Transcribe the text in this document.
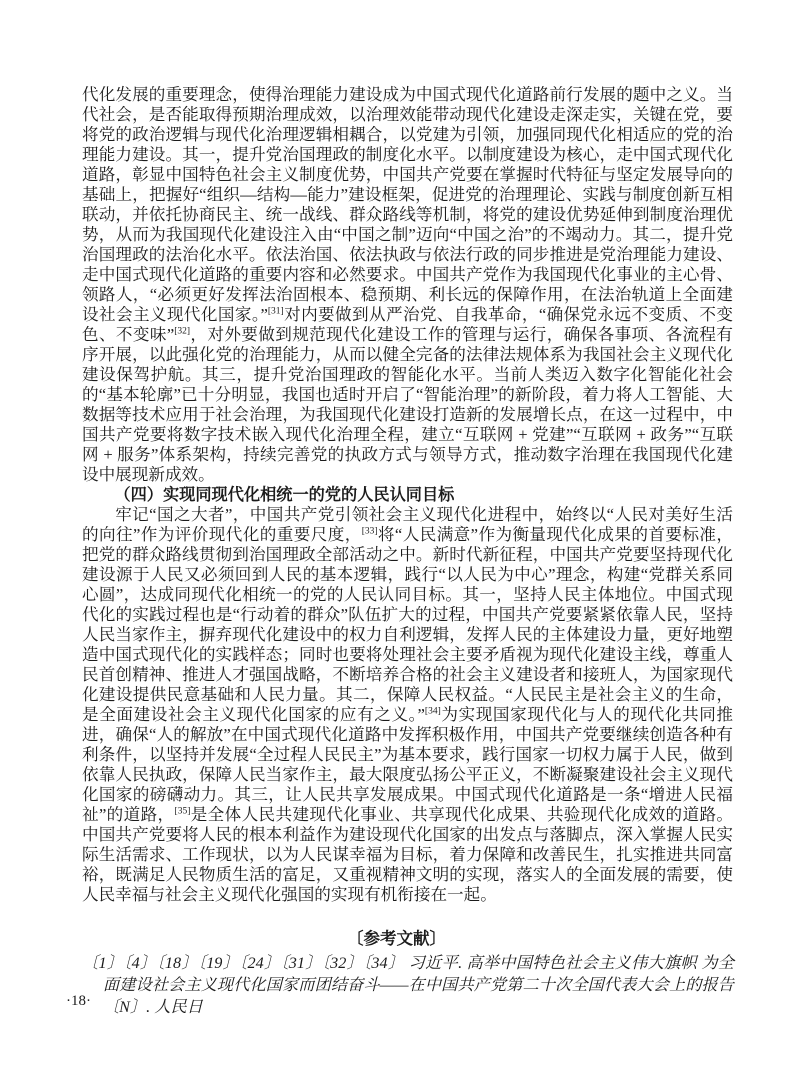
代化发展的重要理念，使得治理能力建设成为中国式现代化道路前行发展的题中之义。当代社会，是否能取得预期治理成效，以治理效能带动现代化建设走深走实，关键在党，要将党的政治逻辑与现代化治理逻辑相耦合，以党建为引领，加强同现代化相适应的党的治理能力建设。其一，提升党治国理政的制度化水平。以制度建设为核心，走中国式现代化道路，彰显中国特色社会主义制度优势，中国共产党要在掌握时代特征与坚定发展导向的基础上，把握好“组织—结构—能力”建设框架，促进党的治理理论、实践与制度创新互相联动，并依托协商民主、统一战线、群众路线等机制，将党的建设优势延伸到制度治理优势，从而为我国现代化建设注入由“中国之制”迈向“中国之治”的不竭动力。其二，提升党治国理政的法治化水平。依法治国、依法执政与依法行政的同步推进是党治理能力建设、走中国式现代化道路的重要内容和必然要求。中国共产党作为我国现代化事业的主心骨、领路人，“必须更好发挥法治固根本、稳预期、利长远的保障作用，在法治轨道上全面建设社会主义现代化国家。”[31]对内要做到从严治党、自我革命，“确保党永远不变质、不变色、不变味”[32]，对外要做到规范现代化建设工作的管理与运行，确保各事项、各流程有序开展，以此强化党的治理能力，从而以健全完备的法律法规体系为我国社会主义现代化建设保驾护航。其三，提升党治国理政的智能化水平。当前人类迈入数字化智能化社会的“基本轮廓”已十分明显，我国也适时开启了“智能治理”的新阶段，着力将人工智能、大数据等技术应用于社会治理，为我国现代化建设打造新的发展增长点，在这一过程中，中国共产党要将数字技术嵌入现代化治理全程，建立“互联网 + 党建”“互联网 + 政务”“互联网 + 服务”体系架构，持续完善党的执政方式与领导方式，推动数字治理在我国现代化建设中展现新成效。

（四）实现同现代化相统一的党的人民认同目标

牢记“国之大者”，中国共产党引领社会主义现代化进程中，始终以“人民对美好生活的向往”作为评价现代化的重要尺度，[33]将“人民满意”作为衡量现代化成果的首要标准，把党的群众路线贯彻到治国理政全部活动之中。新时代新征程，中国共产党要坚持现代化建设源于人民又必须回到人民的基本逻辑，践行“以人民为中心”理念，构建“党群关系同心圆”，达成同现代化相统一的党的人民认同目标。其一，坚持人民主体地位。中国式现代化的实践过程也是“行动着的群众”队伍扩大的过程，中国共产党要紧紧依靠人民，坚持人民当家作主，摒弃现代化建设中的权力自利逻辑，发挥人民的主体建设力量，更好地塑造中国式现代化的实践样态；同时也要将处理社会主要矛盾视为现代化建设主线，尊重人民首创精神、推进人才强国战略，不断培养合格的社会主义建设者和接班人，为国家现代化建设提供民意基础和人民力量。其二，保障人民权益。“人民民主是社会主义的生命，是全面建设社会主义现代化国家的应有之义。”[34]为实现国家现代化与人的现代化共同推进，确保“人的解放”在中国式现代化道路中发挥积极作用，中国共产党要继续创造各种有利条件，以坚持并发展“全过程人民民主”为基本要求，践行国家一切权力属于人民，做到依靠人民执政，保障人民当家作主，最大限度弘扬公平正义，不断凝聚建设社会主义现代化国家的磅礴动力。其三，让人民共享发展成果。中国式现代化道路是一条“增进人民福祉”的道路，[35]是全体人民共建现代化事业、共享现代化成果、共验现代化成效的道路。中国共产党要将人民的根本利益作为建设现代化国家的出发点与落脚点，深入掌握人民实际生活需求、工作现状，以为人民谋幸福为目标，着力保障和改善民生，扎实推进共同富裕，既满足人民物质生活的富足，又重视精神文明的实现，落实人的全面发展的需要，使人民幸福与社会主义现代化强国的实现有机衔接在一起。

〔参考文献〕

〔1〕〔4〕〔18〕〔19〕〔24〕〔31〕〔32〕〔34〕 习近平. 高举中国特色社会主义伟大旗帜 为全面建设社会主义现代化国家而团结奋斗——在中国共产党第二十次全国代表大会上的报告〔N〕. 人民日

·18·
